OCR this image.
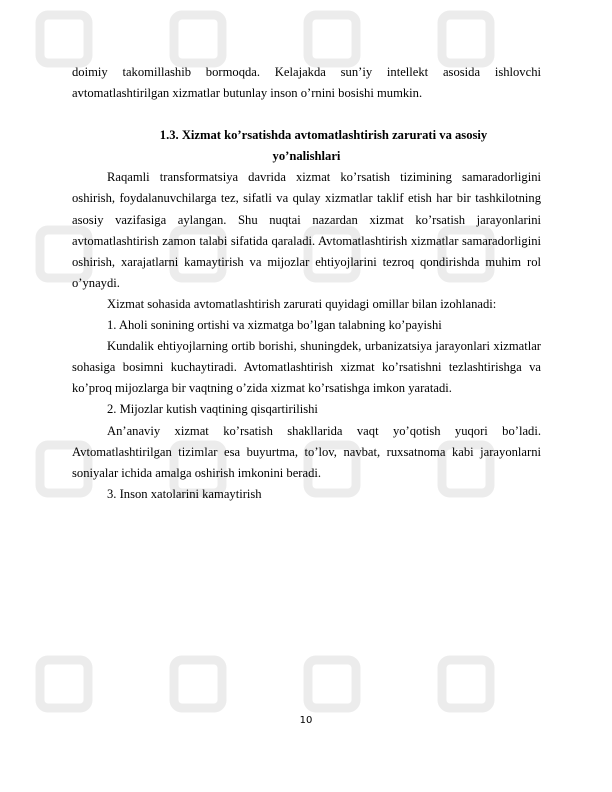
doimiy takomillashib bormoqda. Kelajakda sun’iy intellekt asosida ishlovchi avtomatlashtirilgan xizmatlar butunlay inson o’rnini bosishi mumkin.

1.3. Xizmat ko’rsatishda avtomatlashtirish zarurati va asosiy
yo’nalishlari

Raqamli transformatsiya davrida xizmat ko’rsatish tizimining samaradorligini oshirish, foydalanuvchilarga tez, sifatli va qulay xizmatlar taklif etish har bir tashkilotning asosiy vazifasiga aylangan. Shu nuqtai nazardan xizmat ko’rsatish jarayonlarini avtomatlashtirish zamon talabi sifatida qaraladi. Avtomatlashtirish xizmatlar samaradorligini oshirish, xarajatlarni kamaytirish va mijozlar ehtiyojlarini tezroq qondirishda muhim rol o’ynaydi.

Xizmat sohasida avtomatlashtirish zarurati quyidagi omillar bilan izohlanadi:

1. Aholi sonining ortishi va xizmatga bo’lgan talabning ko’payishi

Kundalik ehtiyojlarning ortib borishi, shuningdek, urbanizatsiya jarayonlari xizmatlar sohasiga bosimni kuchaytiradi. Avtomatlashtirish xizmat ko’rsatishni tezlashtirishga va ko’proq mijozlarga bir vaqtning o’zida xizmat ko’rsatishga imkon yaratadi.

2. Mijozlar kutish vaqtining qisqartirilishi

An’anaviy xizmat ko’rsatish shakllarida vaqt yo’qotish yuqori bo’ladi. Avtomatlashtirilgan tizimlar esa buyurtma, to’lov, navbat, ruxsatnoma kabi jarayonlarni soniyalar ichida amalga oshirish imkonini beradi.

3. Inson xatolarini kamaytirish

10
